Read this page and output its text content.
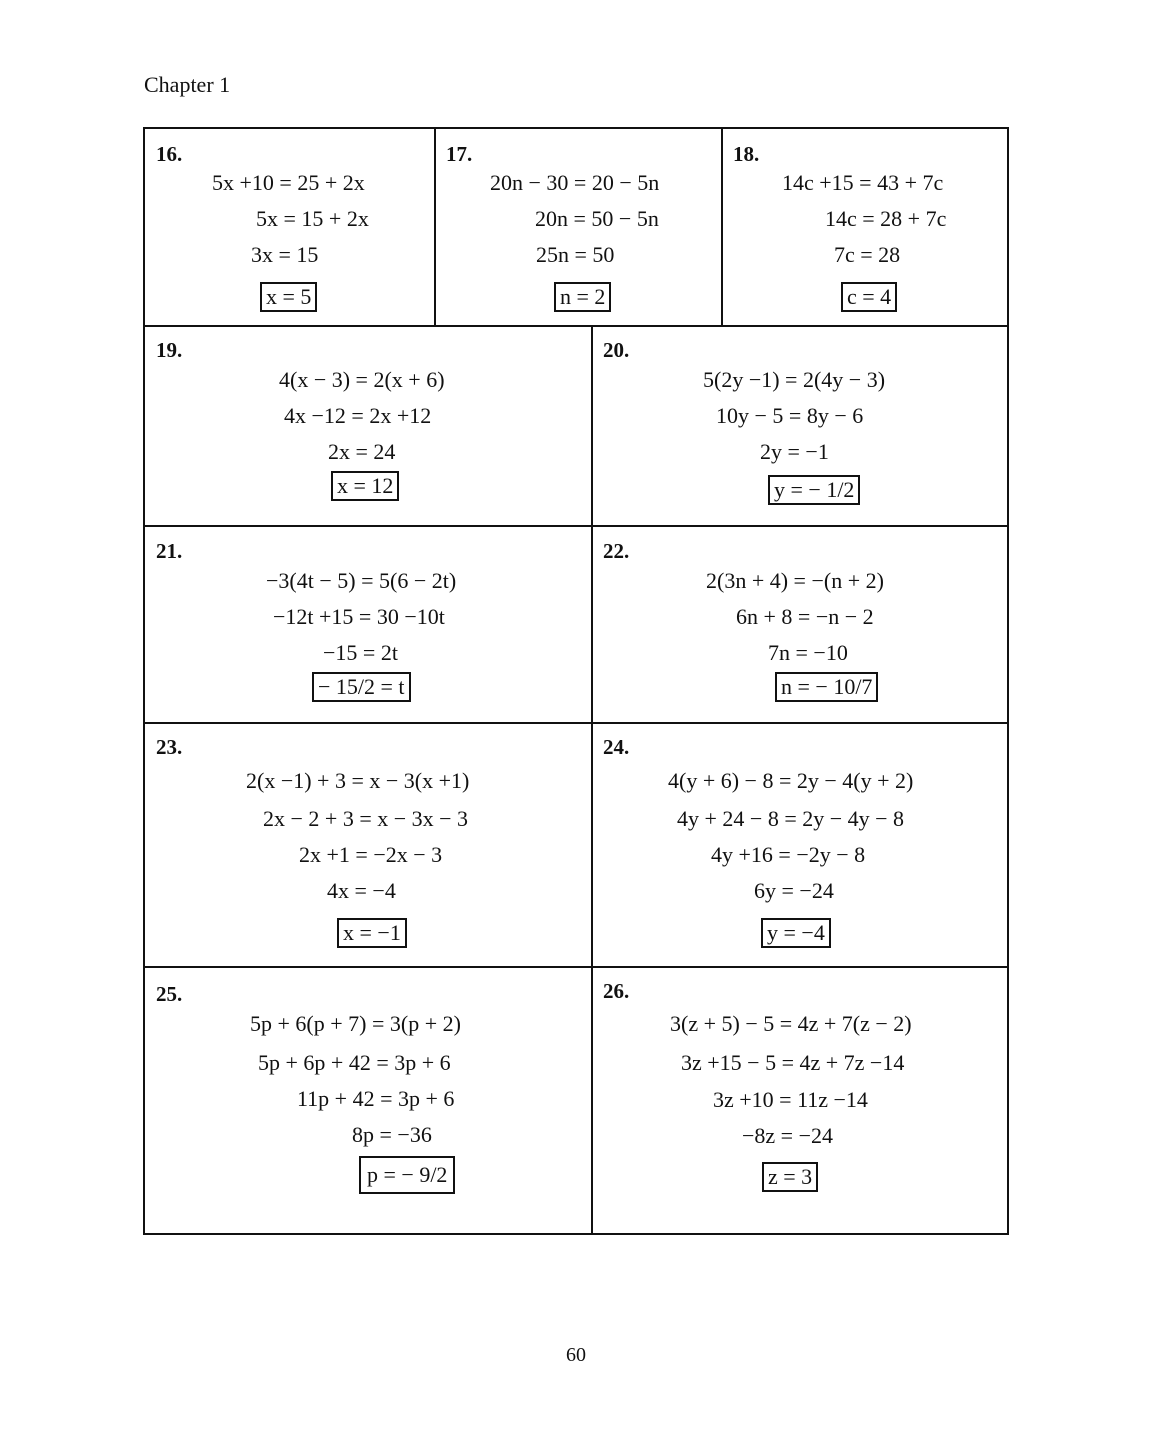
Chapter 1
16.
5x +10 = 25 + 2x
5x = 15 + 2x
3x = 15
x = 5
17.
20n − 30 = 20 − 5n
20n = 50 − 5n
25n = 50
n = 2
18.
14c +15 = 43 + 7c
14c = 28 + 7c
7c = 28
c = 4
19.
4(x − 3) = 2(x + 6)
4x −12 = 2x +12
2x = 24
x = 12
20.
5(2y −1) = 2(4y − 3)
10y − 5 = 8y − 6
2y = −1
y = − 1/2
21.
−3(4t − 5) = 5(6 − 2t)
−12t +15 = 30 −10t
−15 = 2t
− 15/2 = t
22.
2(3n + 4) = −(n + 2)
6n + 8 = −n − 2
7n = −10
n = − 10/7
23.
2(x −1) + 3 = x − 3(x +1)
2x − 2 + 3 = x − 3x − 3
2x +1 = −2x − 3
4x = −4
x = −1
24.
4(y + 6) − 8 = 2y − 4(y + 2)
4y + 24 − 8 = 2y − 4y − 8
4y +16 = −2y − 8
6y = −24
y = −4
25.
5p + 6(p + 7) = 3(p + 2)
5p + 6p + 42 = 3p + 6
11p + 42 = 3p + 6
8p = −36
p = − 9/2
26.
3(z + 5) − 5 = 4z + 7(z − 2)
3z +15 − 5 = 4z + 7z −14
3z +10 = 11z −14
−8z = −24
z = 3
60
